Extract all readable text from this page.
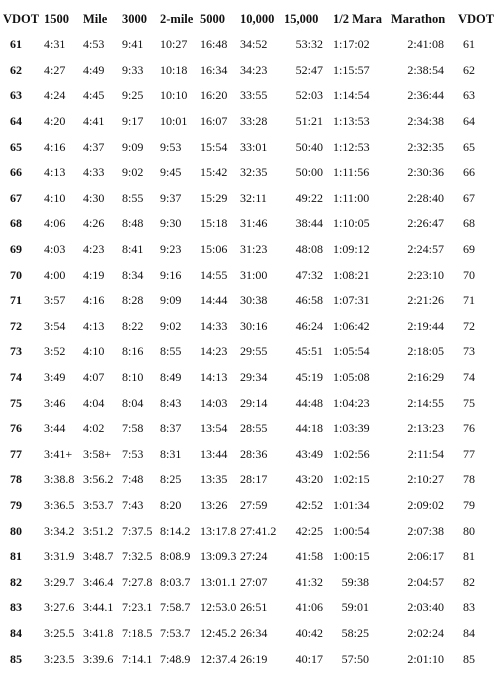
VDOT	1500	Mile	3000	2-mile	5000	10,000	15,000	1/2 Mara	Marathon	VDOT
61	4:31	4:53	9:41	10:27	16:48	34:52	53:32	1:17:02	2:41:08	61
62	4:27	4:49	9:33	10:18	16:34	34:23	52:47	1:15:57	2:38:54	62
63	4:24	4:45	9:25	10:10	16:20	33:55	52:03	1:14:54	2:36:44	63
64	4:20	4:41	9:17	10:01	16:07	33:28	51:21	1:13:53	2:34:38	64
65	4:16	4:37	9:09	9:53	15:54	33:01	50:40	1:12:53	2:32:35	65
66	4:13	4:33	9:02	9:45	15:42	32:35	50:00	1:11:56	2:30:36	66
67	4:10	4:30	8:55	9:37	15:29	32:11	49:22	1:11:00	2:28:40	67
68	4:06	4:26	8:48	9:30	15:18	31:46	38:44	1:10:05	2:26:47	68
69	4:03	4:23	8:41	9:23	15:06	31:23	48:08	1:09:12	2:24:57	69
70	4:00	4:19	8:34	9:16	14:55	31:00	47:32	1:08:21	2:23:10	70
71	3:57	4:16	8:28	9:09	14:44	30:38	46:58	1:07:31	2:21:26	71
72	3:54	4:13	8:22	9:02	14:33	30:16	46:24	1:06:42	2:19:44	72
73	3:52	4:10	8:16	8:55	14:23	29:55	45:51	1:05:54	2:18:05	73
74	3:49	4:07	8:10	8:49	14:13	29:34	45:19	1:05:08	2:16:29	74
75	3:46	4:04	8:04	8:43	14:03	29:14	44:48	1:04:23	2:14:55	75
76	3:44	4:02	7:58	8:37	13:54	28:55	44:18	1:03:39	2:13:23	76
77	3:41+	3:58+	7:53	8:31	13:44	28:36	43:49	1:02:56	2:11:54	77
78	3:38.8	3:56.2	7:48	8:25	13:35	28:17	43:20	1:02:15	2:10:27	78
79	3:36.5	3:53.7	7:43	8:20	13:26	27:59	42:52	1:01:34	2:09:02	79
80	3:34.2	3:51.2	7:37.5	8:14.2	13:17.8	27:41.2	42:25	1:00:54	2:07:38	80
81	3:31.9	3:48.7	7:32.5	8:08.9	13:09.3	27:24	41:58	1:00:15	2:06:17	81
82	3:29.7	3:46.4	7:27.8	8:03.7	13:01.1	27:07	41:32	59:38	2:04:57	82
83	3:27.6	3:44.1	7:23.1	7:58.7	12:53.0	26:51	41:06	59:01	2:03:40	83
84	3:25.5	3:41.8	7:18.5	7:53.7	12:45.2	26:34	40:42	58:25	2:02:24	84
85	3:23.5	3:39.6	7:14.1	7:48.9	12:37.4	26:19	40:17	57:50	2:01:10	85
